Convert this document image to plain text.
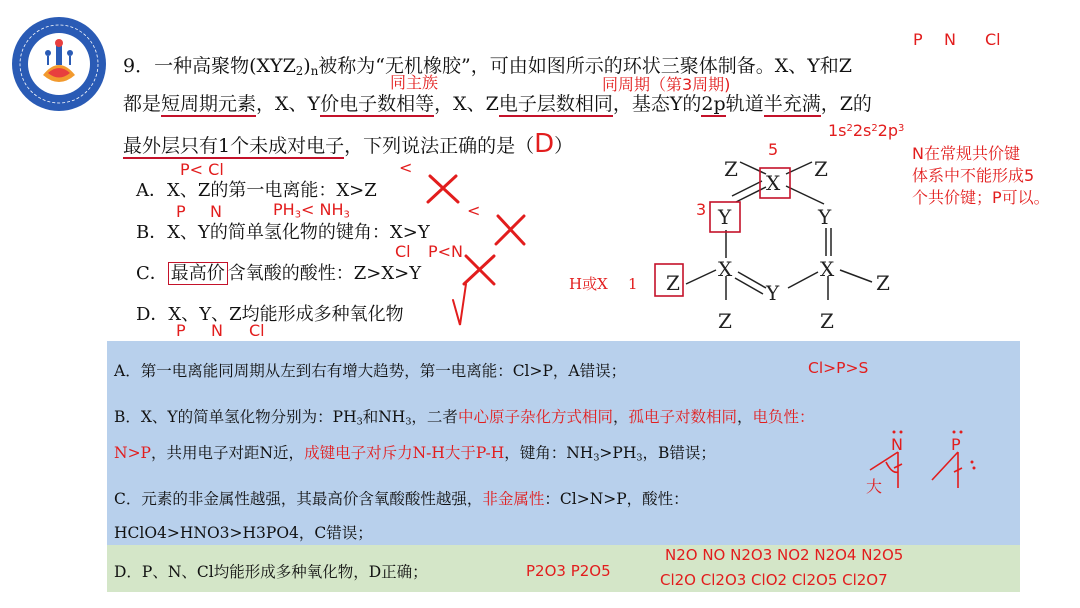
9．一种高聚物$(XYZ_2)_n$被称为“无机橡胶”，可由如图所示的环状三聚体制备。X、Y和Z
都是短周期元素，X、Y价电子数相等，X、Z电子层数相同，基态Y的2p轨道半充满，Z的
最外层只有1个未成对电子，下列说法正确的是（D）
P N Cl
同主族	同周期（第3周期)
$1s^22s^22p^3$
A．X、Z的第一电离能：X>Z
B．X、Y的简单氢化物的键角：X>Y
C． 最高价 含氧酸的酸性：Z>X>Y
D．X、Y、Z均能形成多种氧化物
P< Cl	<
P N	$PH_3< NH_3$	<
Cl P<N
P N Cl
Z
X
Z
Y	Y
X	X
Z	Y	Z
Z	Z
5
3
H或X 1
N在常规共价键
体系中不能形成5
个共价键；P可以。
A．第一电离能同周期从左到右有增大趋势，第一电离能：Cl>P，A错误；	Cl>P>S
B．X、Y的简单氢化物分别为：$PH_3$和$NH_3$，二者中心原子杂化方式相同，孤电子对数相同，电负性：
N>P，共用电子对距N近，成键电子对斥力N-H大于P-H，键角：$NH_3>PH_3$，B错误；	N	P
大
C．元素的非金属性越强，其最高价含氧酸酸性越强，非金属性：Cl>N>P，酸性：
HClO4>HNO3>H3PO4，C错误；
D．P、N、Cl均能形成多种氧化物，D正确；	P2O3 P2O5
N2O NO N2O3 NO2 N2O4 N2O5
Cl2O Cl2O3 ClO2 Cl2O5 Cl2O7
